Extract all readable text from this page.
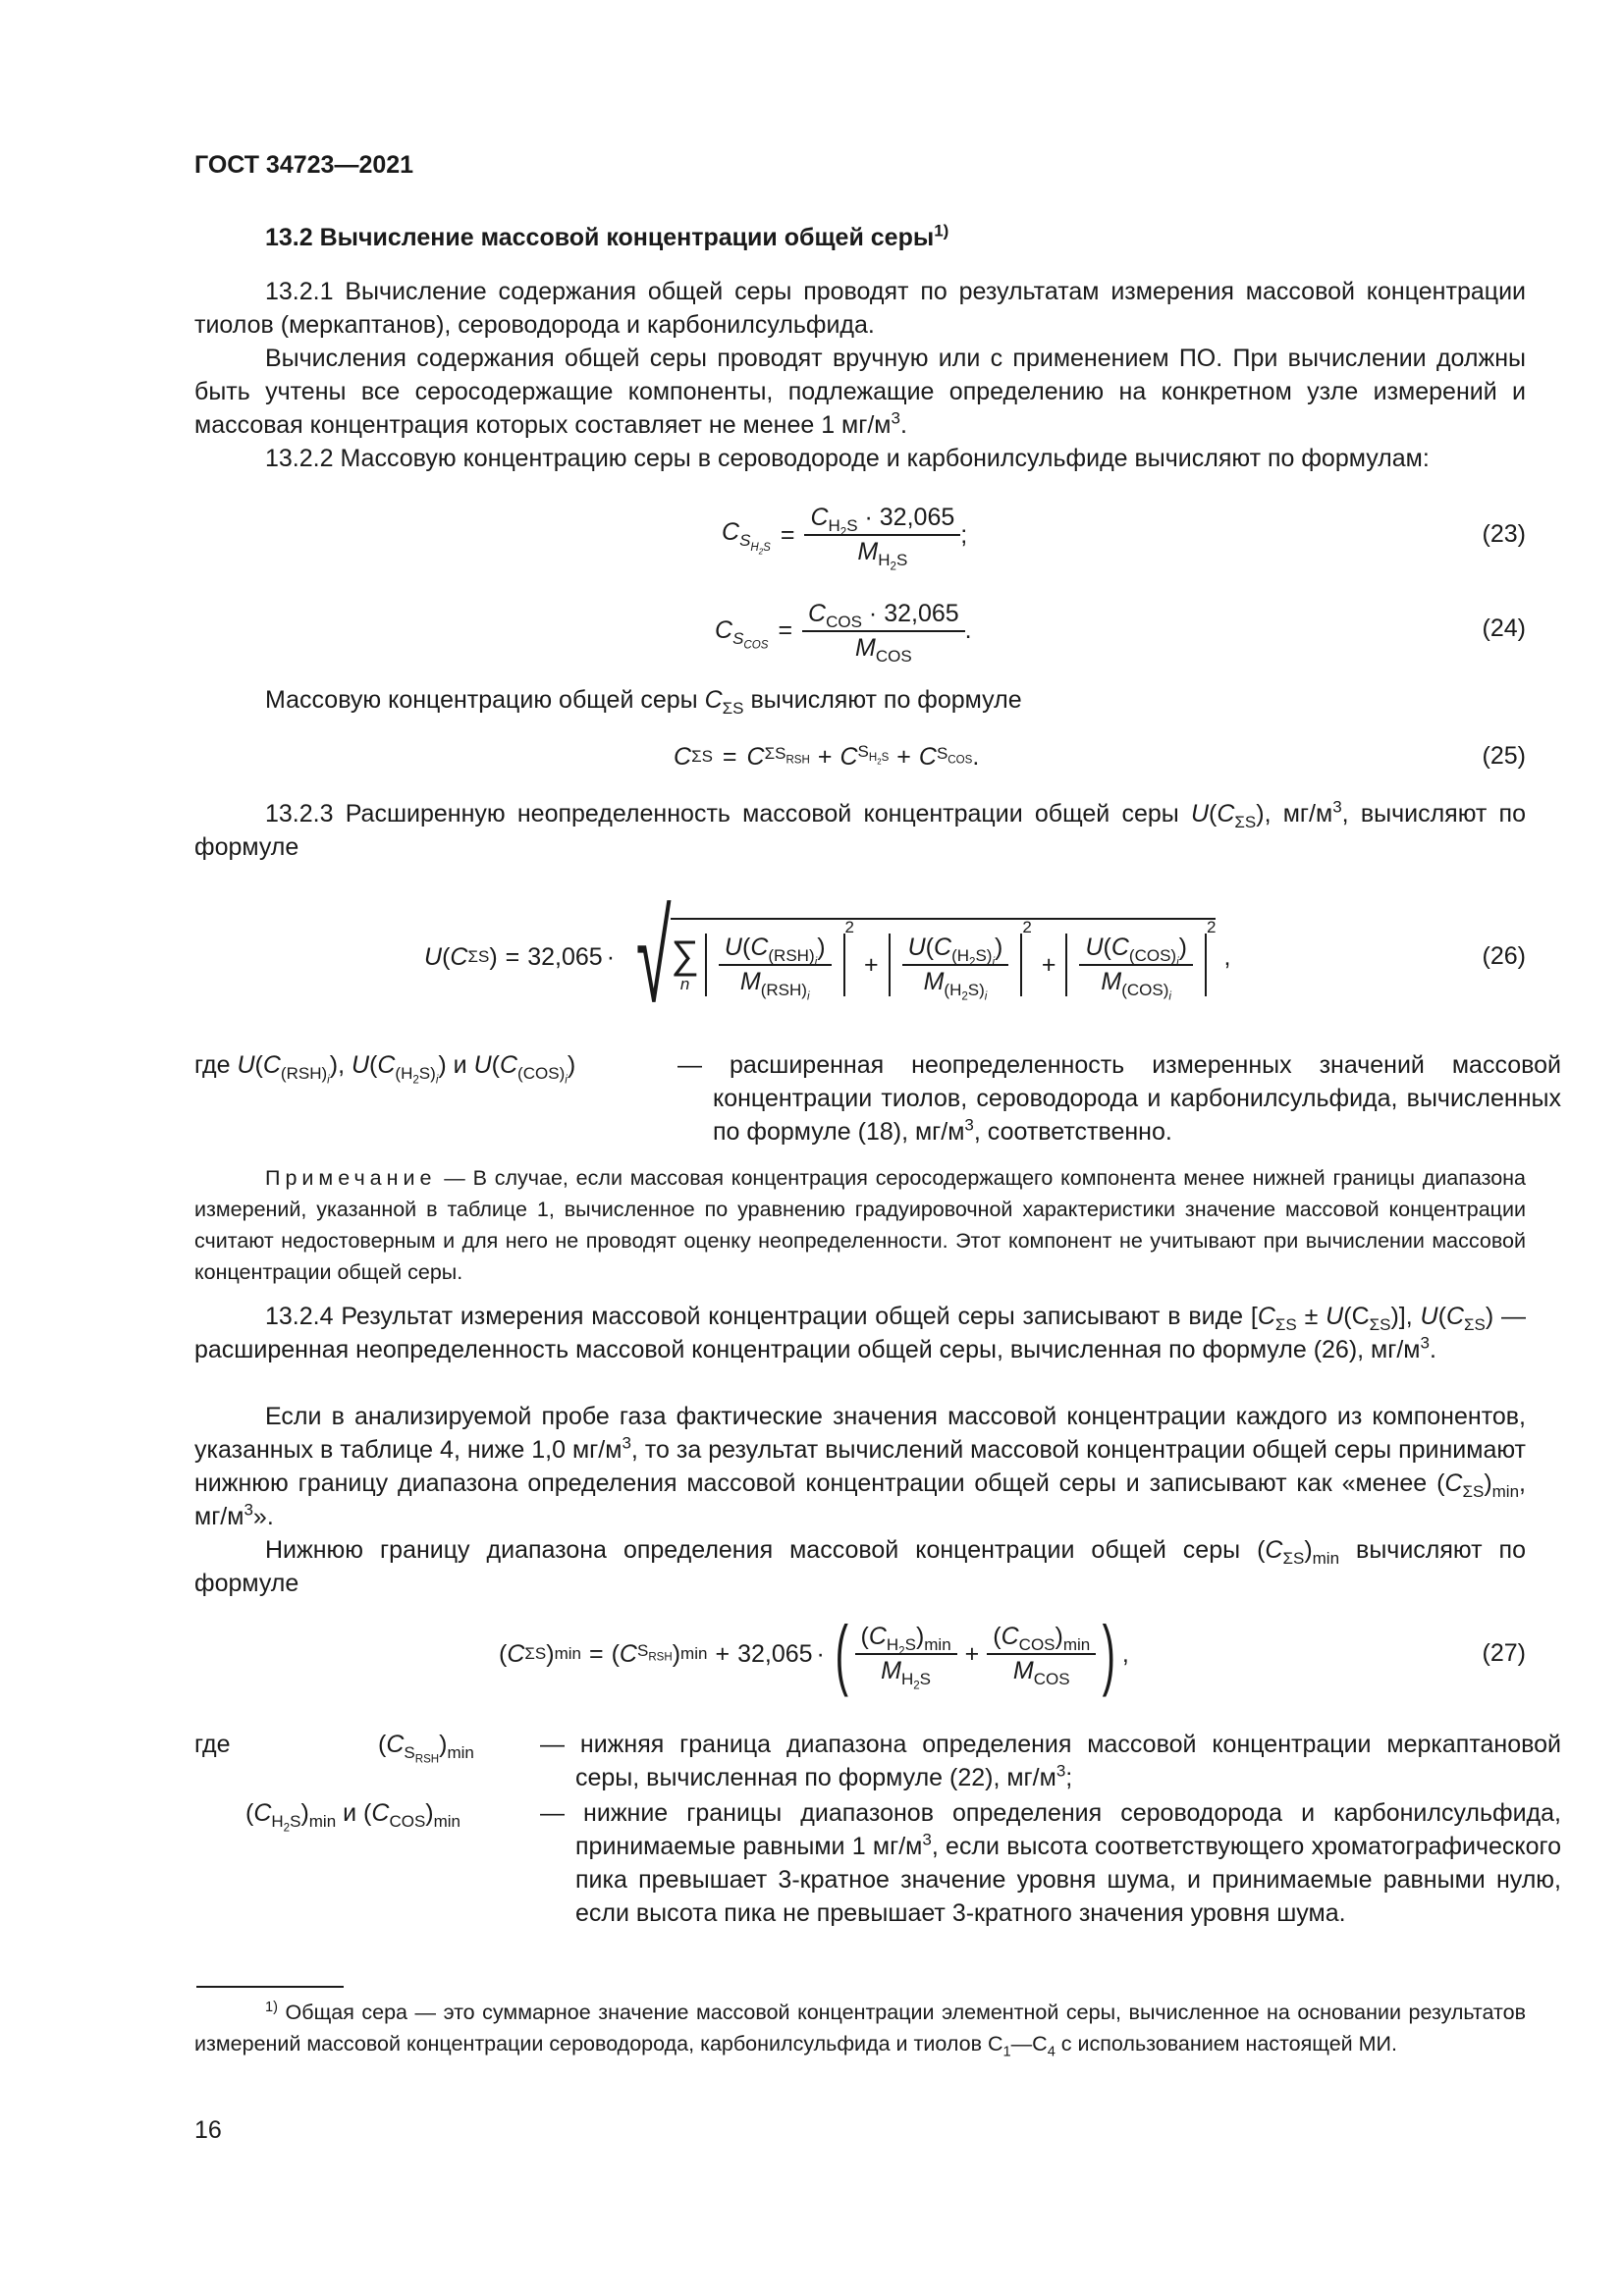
ГОСТ 34723—2021
13.2 Вычисление массовой концентрации общей серы$^{1)}$
13.2.1 Вычисление содержания общей серы проводят по результатам измерения массовой концентрации тиолов (меркаптанов), сероводорода и карбонилсульфида.
Вычисления содержания общей серы проводят вручную или с применением ПО. При вычислении должны быть учтены все серосодержащие компоненты, подлежащие определению на конкретном узле измерений и массовая концентрация которых составляет не менее 1 $мг/м^3$.
13.2.2 Массовую концентрацию серы в сероводороде и карбонилсульфиде вычисляют по формулам:
$C_{S_{H_2S}} = \frac{C_{H_2S} \cdot 32,065}{M_{H_2S}}$ ;	(23)
$C_{S_{COS}}$
= $\frac{C_{COS} \cdot 32,065}{M_{COS}}$ .	(24)
Массовую концентрацию общей серы $C_{\Sigma S}$ вычисляют по формуле
C ΣS = C $\Sigma S_{RSH} + C$ $S_{H_2S} + C$ $S_{COS}$ .	(25)
13.2.3 Расширенную неопределенность массовой концентрации общей серы $U(C_{\Sigma S})$, $мг/м^3$, вычисляют по формуле
U ( C ΣS ) = 32,065 · √ ∑
n $\frac{U(C_{(RSH)_i})}{M_{(RSH)_i}}$
2
+ $\frac{U(C_{(H_2S)_i})}{M_{(H_2S)_i}}$
2
+ $\frac{U(C_{(COS)_i})}{M_{(COS)_i}}$
2
,	(26)
где $U(C_{(RSH)_i})$, $U(C_{(H_2S)_i})$ и $U(C_{(COS)_i})$	— расширенная неопределенность измеренных значений массовой концентрации тиолов, сероводорода и карбонилсульфида, вычисленных по формуле (18), $мг/м^3$, соответственно.
Примечание — В случае, если массовая концентрация серосодержащего компонента менее нижней границы диапазона измерений, указанной в таблице 1, вычисленное по уравнению градуировочной характеристики значение массовой концентрации считают недостоверным и для него не проводят оценку неопределенности. Этот компонент не учитывают при вычислении массовой концентрации общей серы.
13.2.4 Результат измерения массовой концентрации общей серы записывают в виде $[C_{\Sigma S} \pm U(C_{\Sigma S})]$, $U(C_{\Sigma S})$ — расширенная неопределенность массовой концентрации общей серы, вычисленная по формуле (26), $мг/м^3$.
Если в анализируемой пробе газа фактические значения массовой концентрации каждого из компонентов, указанных в таблице 4, ниже 1,0 $мг/м^3$, то за результат вычислений массовой концентрации общей серы принимают нижнюю границу диапазона определения массовой концентрации общей серы и записывают как «менее $(C_{\Sigma S})_{min}$, $мг/м^3$».
Нижнюю границу диапазона определения массовой концентрации общей серы $(C_{\Sigma S})_{min}$ вычисляют по формуле
( C ΣS ) min = ( C $S_{RSH}$ ) min + 32,065 · ( $\frac{(C_{H_2S})_{min}}{M_{H_2S}} + \frac{(C_{COS})_{min}}{M_{COS}}$ ) ,	(27)
где	$(C_{S_{RSH}})_{min}$	— нижняя граница диапазона определения массовой концентрации меркаптановой серы, вычисленная по формуле (22), $мг/м^3$;
$(C_{H_2S})_{min}$ и $(C_{COS})_{min}$	— нижние границы диапазонов определения сероводорода и карбонилсульфида, принимаемые равными 1 $мг/м^3$, если высота соответствующего хроматографического пика превышает 3-кратное значение уровня шума, и принимаемые равными нулю, если высота пика не превышает 3-кратного значения уровня шума.
$^{1)}$ Общая сера — это суммарное значение массовой концентрации элементной серы, вычисленное на основании результатов измерений массовой концентрации сероводорода, карбонилсульфида и тиолов $С_1—С_4$ с использованием настоящей МИ.
16
